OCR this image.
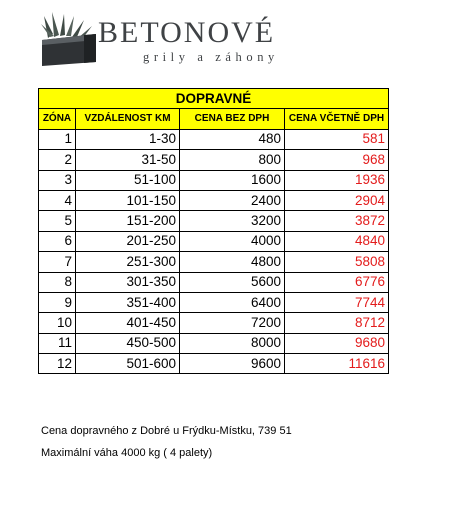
BETONOVÉ
grily a záhony
DOPRAVNÉ			
ZÓNA	VZDÁLENOST KM	CENA BEZ DPH	CENA VČETNĚ DPH
1	1-30	480	581
2	31-50	800	968
3	51-100	1600	1936
4	101-150	2400	2904
5	151-200	3200	3872
6	201-250	4000	4840
7	251-300	4800	5808
8	301-350	5600	6776
9	351-400	6400	7744
10	401-450	7200	8712
11	450-500	8000	9680
12	501-600	9600	11616
Cena dopravného z Dobré u Frýdku-Místku, 739 51
Maximální váha 4000 kg ( 4 palety)
